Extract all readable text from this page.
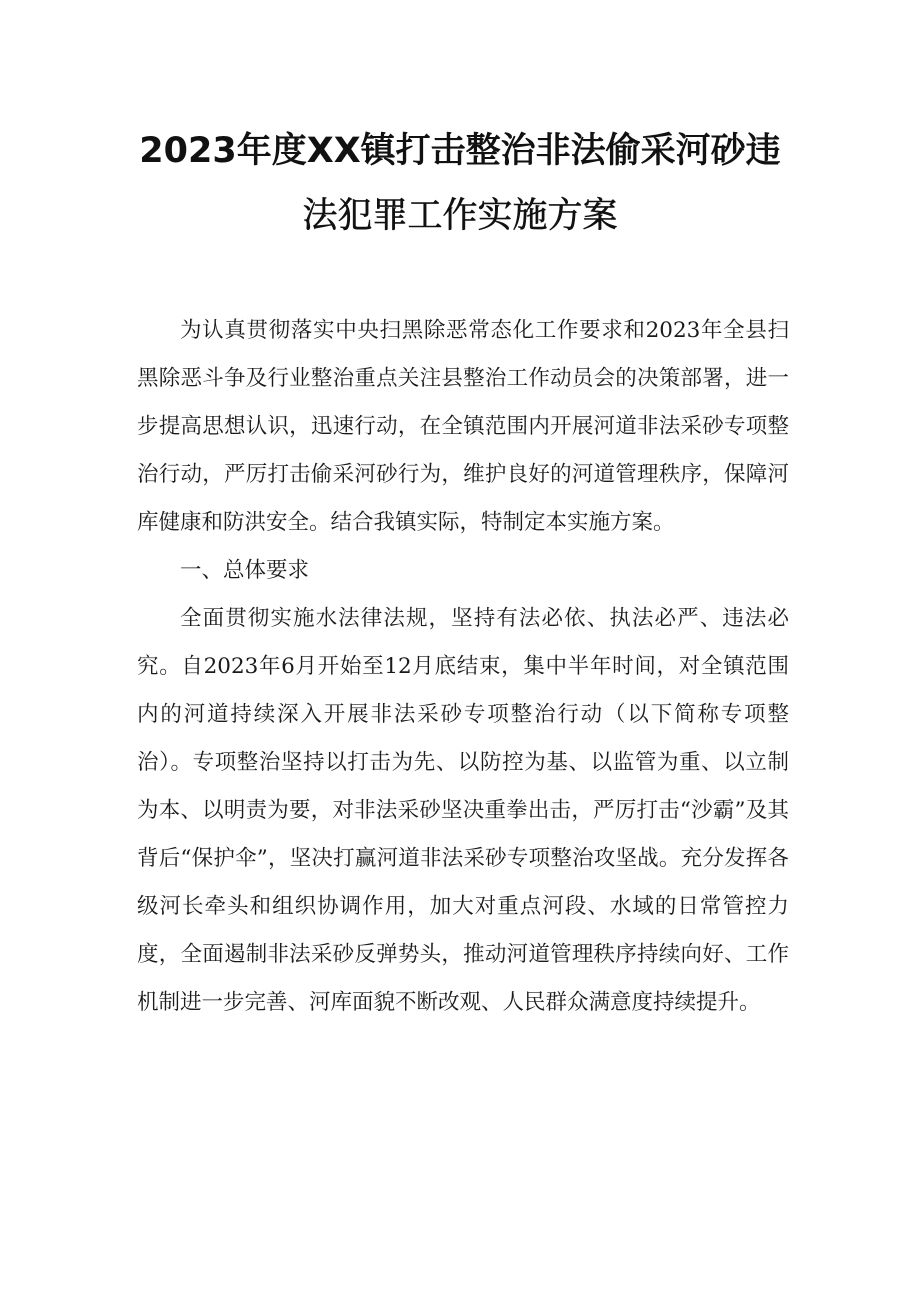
2023年度XX镇打击整治非法偷采河砂违
法犯罪工作实施方案

为认真贯彻落实中央扫黑除恶常态化工作要求和2023年全县扫黑除恶斗争及行业整治重点关注县整治工作动员会的决策部署，进一步提高思想认识，迅速行动，在全镇范围内开展河道非法采砂专项整治行动，严厉打击偷采河砂行为，维护良好的河道管理秩序，保障河库健康和防洪安全。结合我镇实际，特制定本实施方案。

一、总体要求

全面贯彻实施水法律法规，坚持有法必依、执法必严、违法必究。自2023年6月开始至12月底结束，集中半年时间，对全镇范围内的河道持续深入开展非法采砂专项整治行动（以下简称专项整治）。专项整治坚持以打击为先、以防控为基、以监管为重、以立制为本、以明责为要，对非法采砂坚决重拳出击，严厉打击“沙霸”及其背后“保护伞”，坚决打赢河道非法采砂专项整治攻坚战。充分发挥各级河长牵头和组织协调作用，加大对重点河段、水域的日常管控力度，全面遏制非法采砂反弹势头，推动河道管理秩序持续向好、工作机制进一步完善、河库面貌不断改观、人民群众满意度持续提升。
